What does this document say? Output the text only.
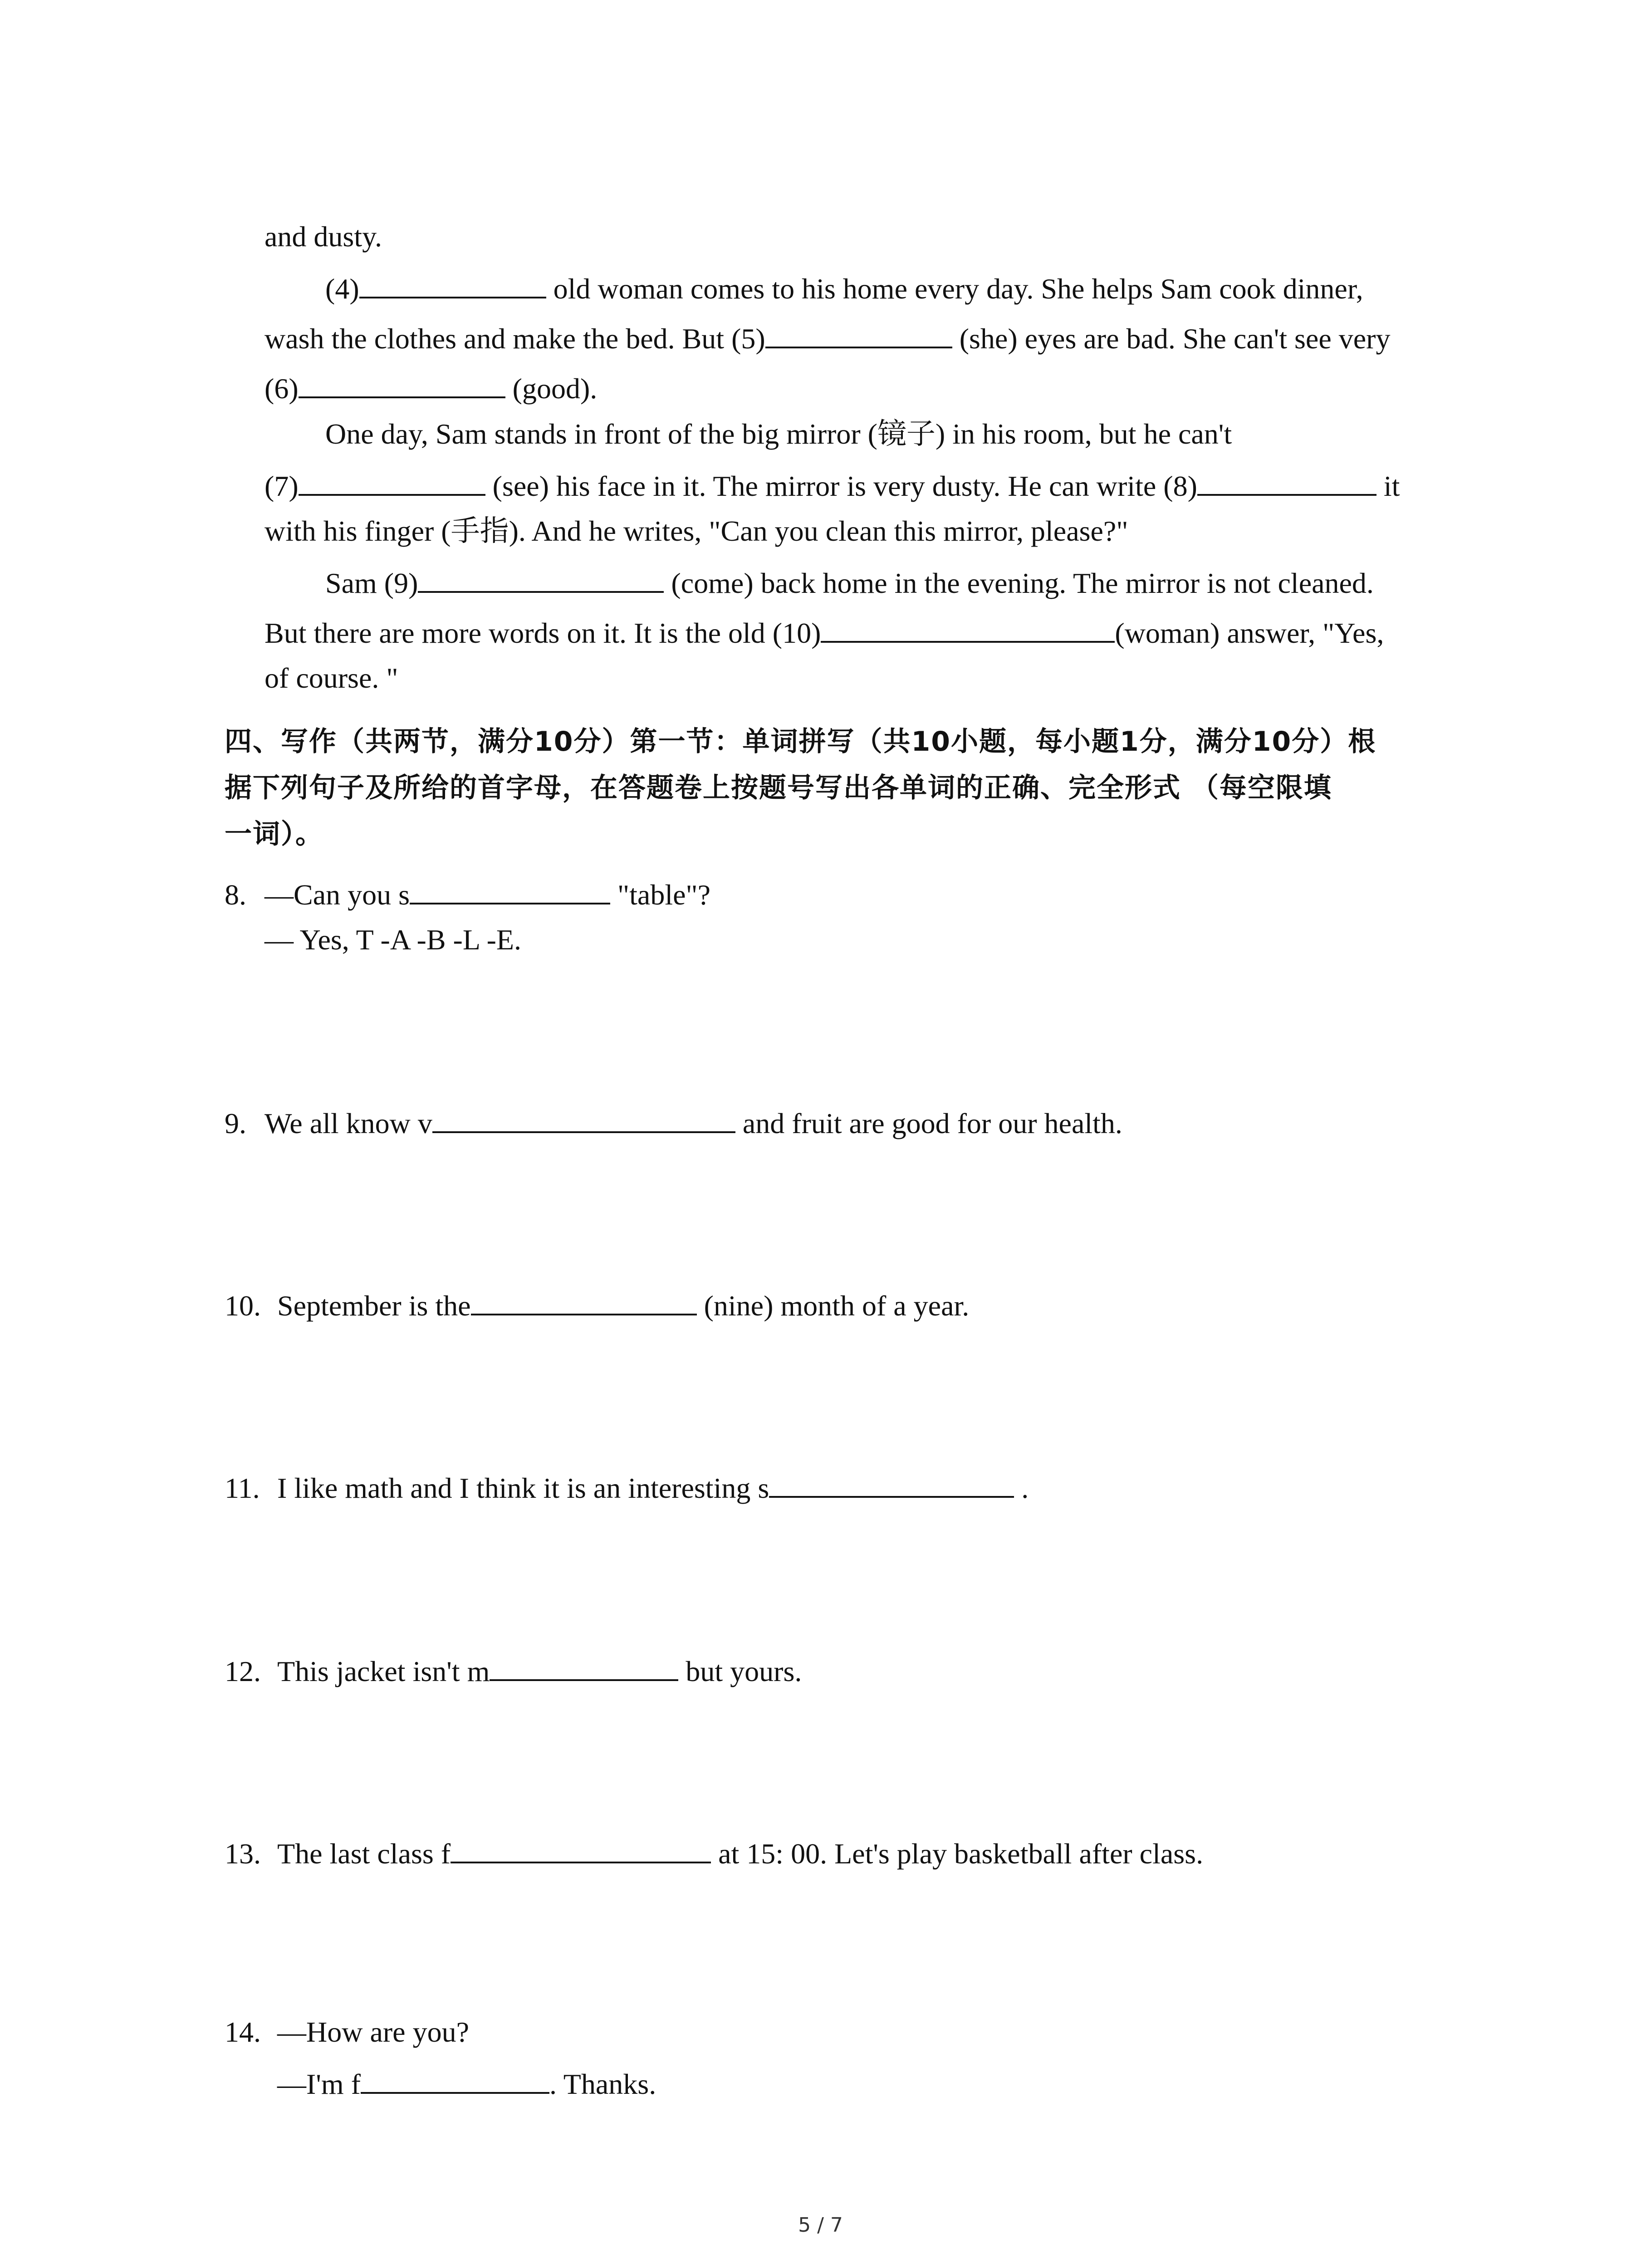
and dusty.
(4)	old woman comes to his home every day. She helps Sam cook dinner,
wash the clothes and make the bed. But (5)	(she) eyes are bad. She can't see very
(6)	(good).
One day, Sam stands in front of the big mirror (镜子) in his room, but he can't
(7)	(see) his face in it. The mirror is very dusty. He can write (8)	it
with his finger (手指). And he writes, "Can you clean this mirror, please?"
Sam (9)	(come) back home in the evening. The mirror is not cleaned.
But there are more words on it. It is the old (10)	(woman) answer, "Yes,
of course. "
四、写作（共两节，满分10分）第一节：单词拼写（共10小题，每小题1分，满分10分）根
据下列句子及所给的首字母，在答题卷上按题号写出各单词的正确、完全形式 （每空限填
一词）。
8. —Can you s	"table"?
— Yes, T -A -B -L -E.
9. We all know v	and fruit are good for our health.
10. September is the	(nine) month of a year.
11. I like math and I think it is an interesting s	.
12. This jacket isn't m	but yours.
13. The last class f	at 15: 00. Let's play basketball after class.
14. —How are you?
—I'm f	. Thanks.
5 / 7
